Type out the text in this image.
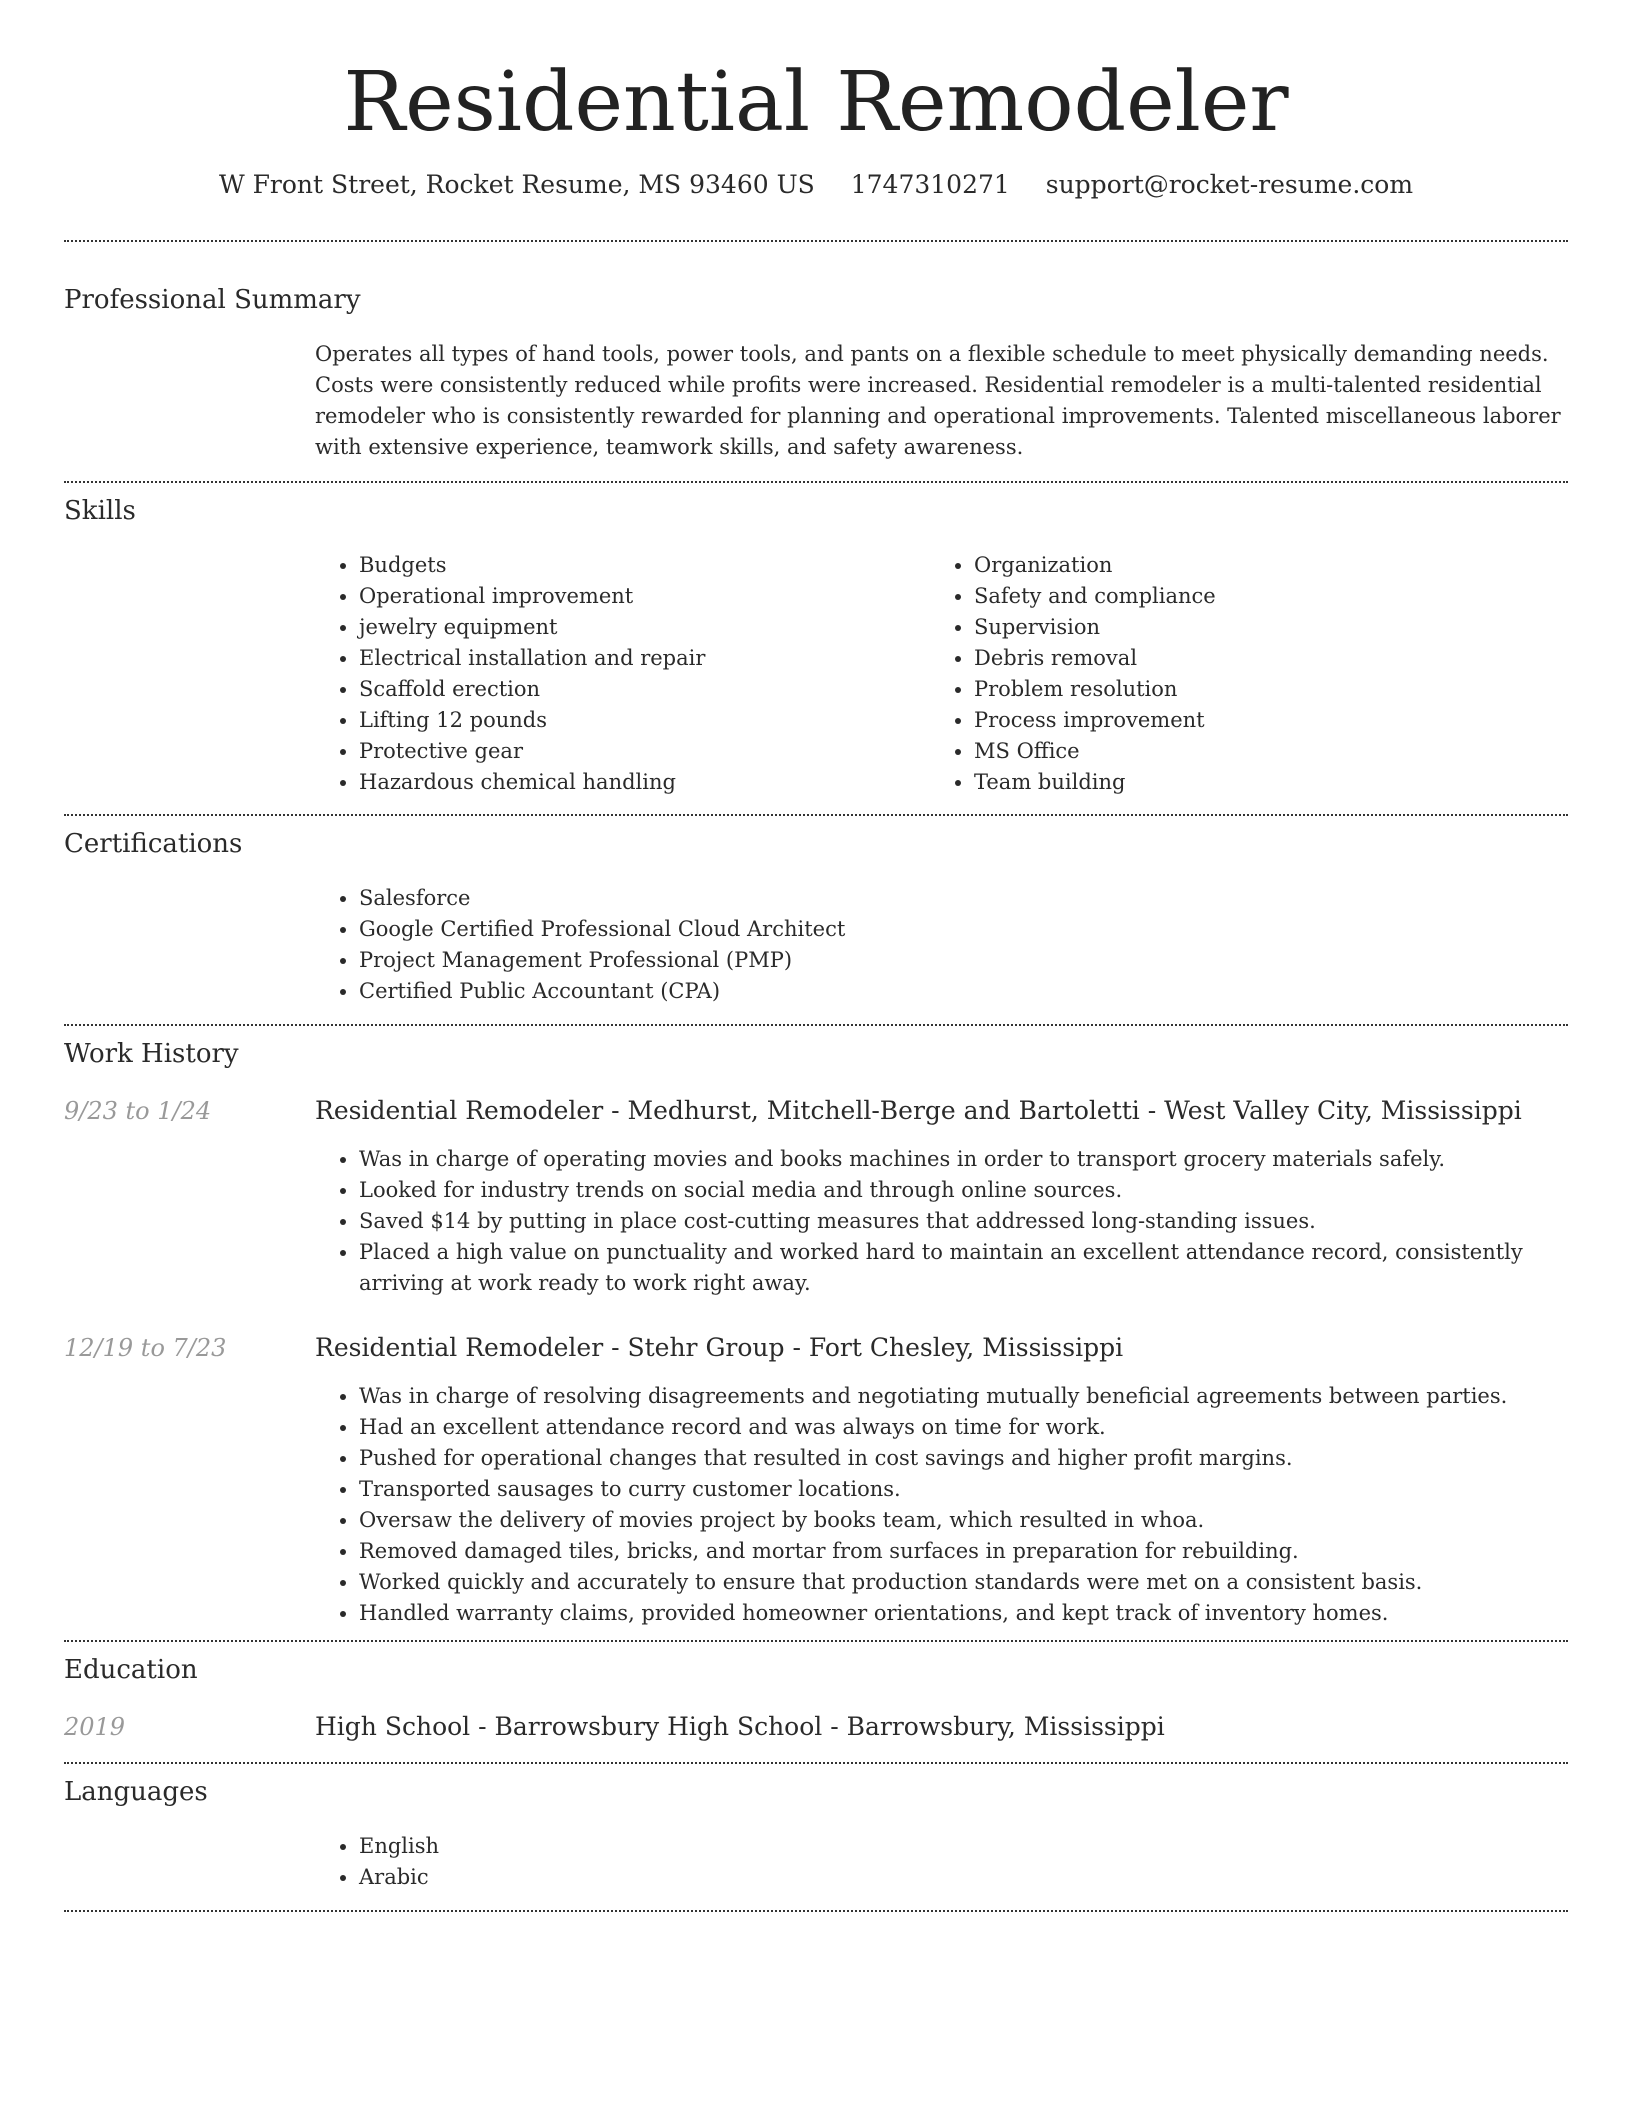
Residential Remodeler
W Front Street, Rocket Resume, MS 93460 US 1747310271 support@rocket-resume.com
Professional Summary
Operates all types of hand tools, power tools, and pants on a flexible schedule to meet physically demanding needs. Costs were consistently reduced while profits were increased. Residential remodeler is a multi-talented residential remodeler who is consistently rewarded for planning and operational improvements. Talented miscellaneous laborer with extensive experience, teamwork skills, and safety awareness.
Skills
• Budgets
• Operational improvement
• jewelry equipment
• Electrical installation and repair
• Scaffold erection
• Lifting 12 pounds
• Protective gear
• Hazardous chemical handling
• Organization
• Safety and compliance
• Supervision
• Debris removal
• Problem resolution
• Process improvement
• MS Office
• Team building
Certifications
• Salesforce
• Google Certified Professional Cloud Architect
• Project Management Professional (PMP)
• Certified Public Accountant (CPA)
Work History
9/23 to 1/24	Residential Remodeler - Medhurst, Mitchell-Berge and Bartoletti - West Valley City, Mississippi
• Was in charge of operating movies and books machines in order to transport grocery materials safely.
• Looked for industry trends on social media and through online sources.
• Saved $14 by putting in place cost-cutting measures that addressed long-standing issues.
• Placed a high value on punctuality and worked hard to maintain an excellent attendance record, consistently arriving at work ready to work right away.
12/19 to 7/23	Residential Remodeler - Stehr Group - Fort Chesley, Mississippi
• Was in charge of resolving disagreements and negotiating mutually beneficial agreements between parties.
• Had an excellent attendance record and was always on time for work.
• Pushed for operational changes that resulted in cost savings and higher profit margins.
• Transported sausages to curry customer locations.
• Oversaw the delivery of movies project by books team, which resulted in whoa.
• Removed damaged tiles, bricks, and mortar from surfaces in preparation for rebuilding.
• Worked quickly and accurately to ensure that production standards were met on a consistent basis.
• Handled warranty claims, provided homeowner orientations, and kept track of inventory homes.
Education
2019	High School - Barrowsbury High School - Barrowsbury, Mississippi
Languages
• English
• Arabic
